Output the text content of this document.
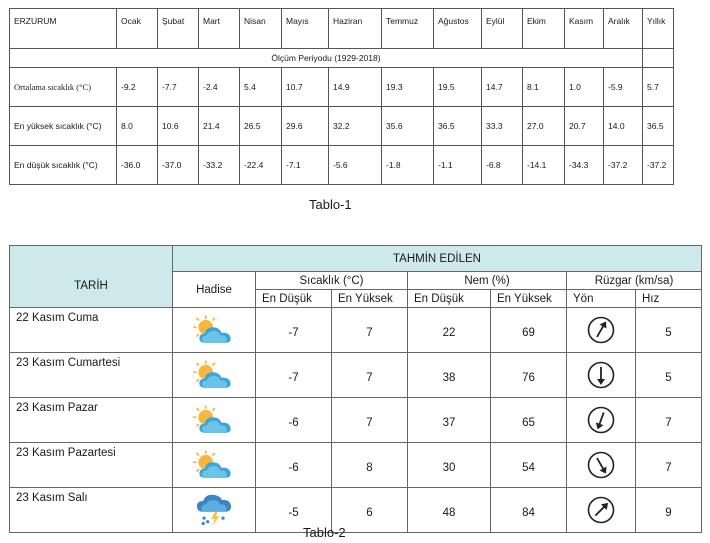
ERZURUM	Ocak	Şubat	Mart	Nisan	Mayıs	Haziran	Temmuz	Ağustos	Eylül	Ekim	Kasım	Aralık	Yıllık
Ölçüm Periyodu (1929-2018)													
Ortalama sıcaklık (°C)	-9.2	-7.7	-2.4	5.4	10.7	14.9	19.3	19.5	14.7	8.1	1.0	-5.9	5.7
En yüksek sıcaklık (°C)	8.0	10.6	21.4	26.5	29.6	32.2	35.6	36.5	33.3	27.0	20.7	14.0	36.5
En düşük sıcaklık (°C)	-36.0	-37.0	-33.2	-22.4	-7.1	-5.6	-1.8	-1.1	-6.8	-14.1	-34.3	-37.2	-37.2
Tablo-1
TARİH	TAHMİN EDİLEN						
	Hadise	Sıcaklık (°C)		Nem (%)		Rüzgar (km/sa)	
		En Düşük	En Yüksek	En Düşük	En Yüksek	Yön	Hız
22 Kasım Cuma		-7	7	22	69		5
23 Kasım Cumartesi		-7	7	38	76		5
23 Kasım Pazar		-6	7	37	65		7
23 Kasım Pazartesi		-6	8	30	54		7
23 Kasım Salı		-5	6	48	84		9
Tablo-2
